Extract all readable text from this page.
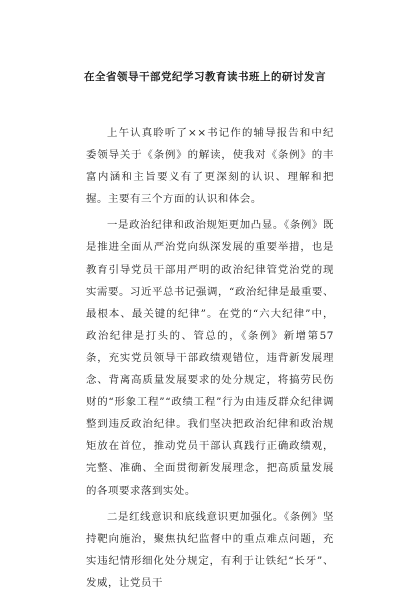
在全省领导干部党纪学习教育读书班上的研讨发言

上午认真聆听了××书记作的辅导报告和中纪委领导关于《条例》的解读，使我对《条例》的丰富内涵和主旨要义有了更深刻的认识、理解和把握。主要有三个方面的认识和体会。

一是政治纪律和政治规矩更加凸显。《条例》既是推进全面从严治党向纵深发展的重要举措，也是教育引导党员干部用严明的政治纪律管党治党的现实需要。习近平总书记强调，“政治纪律是最重要、最根本、最关键的纪律”。在党的“六大纪律”中，政治纪律是打头的、管总的，《条例》新增第57条，充实党员领导干部政绩观错位，违背新发展理念、背离高质量发展要求的处分规定，将搞劳民伤财的“形象工程”“政绩工程”行为由违反群众纪律调整到违反政治纪律。我们坚决把政治纪律和政治规矩放在首位，推动党员干部认真践行正确政绩观，完整、准确、全面贯彻新发展理念，把高质量发展的各项要求落到实处。

二是红线意识和底线意识更加强化。《条例》坚持靶向施治，聚焦执纪监督中的重点难点问题，充实违纪情形细化处分规定，有利于让铁纪“长牙”、发威，让党员干
